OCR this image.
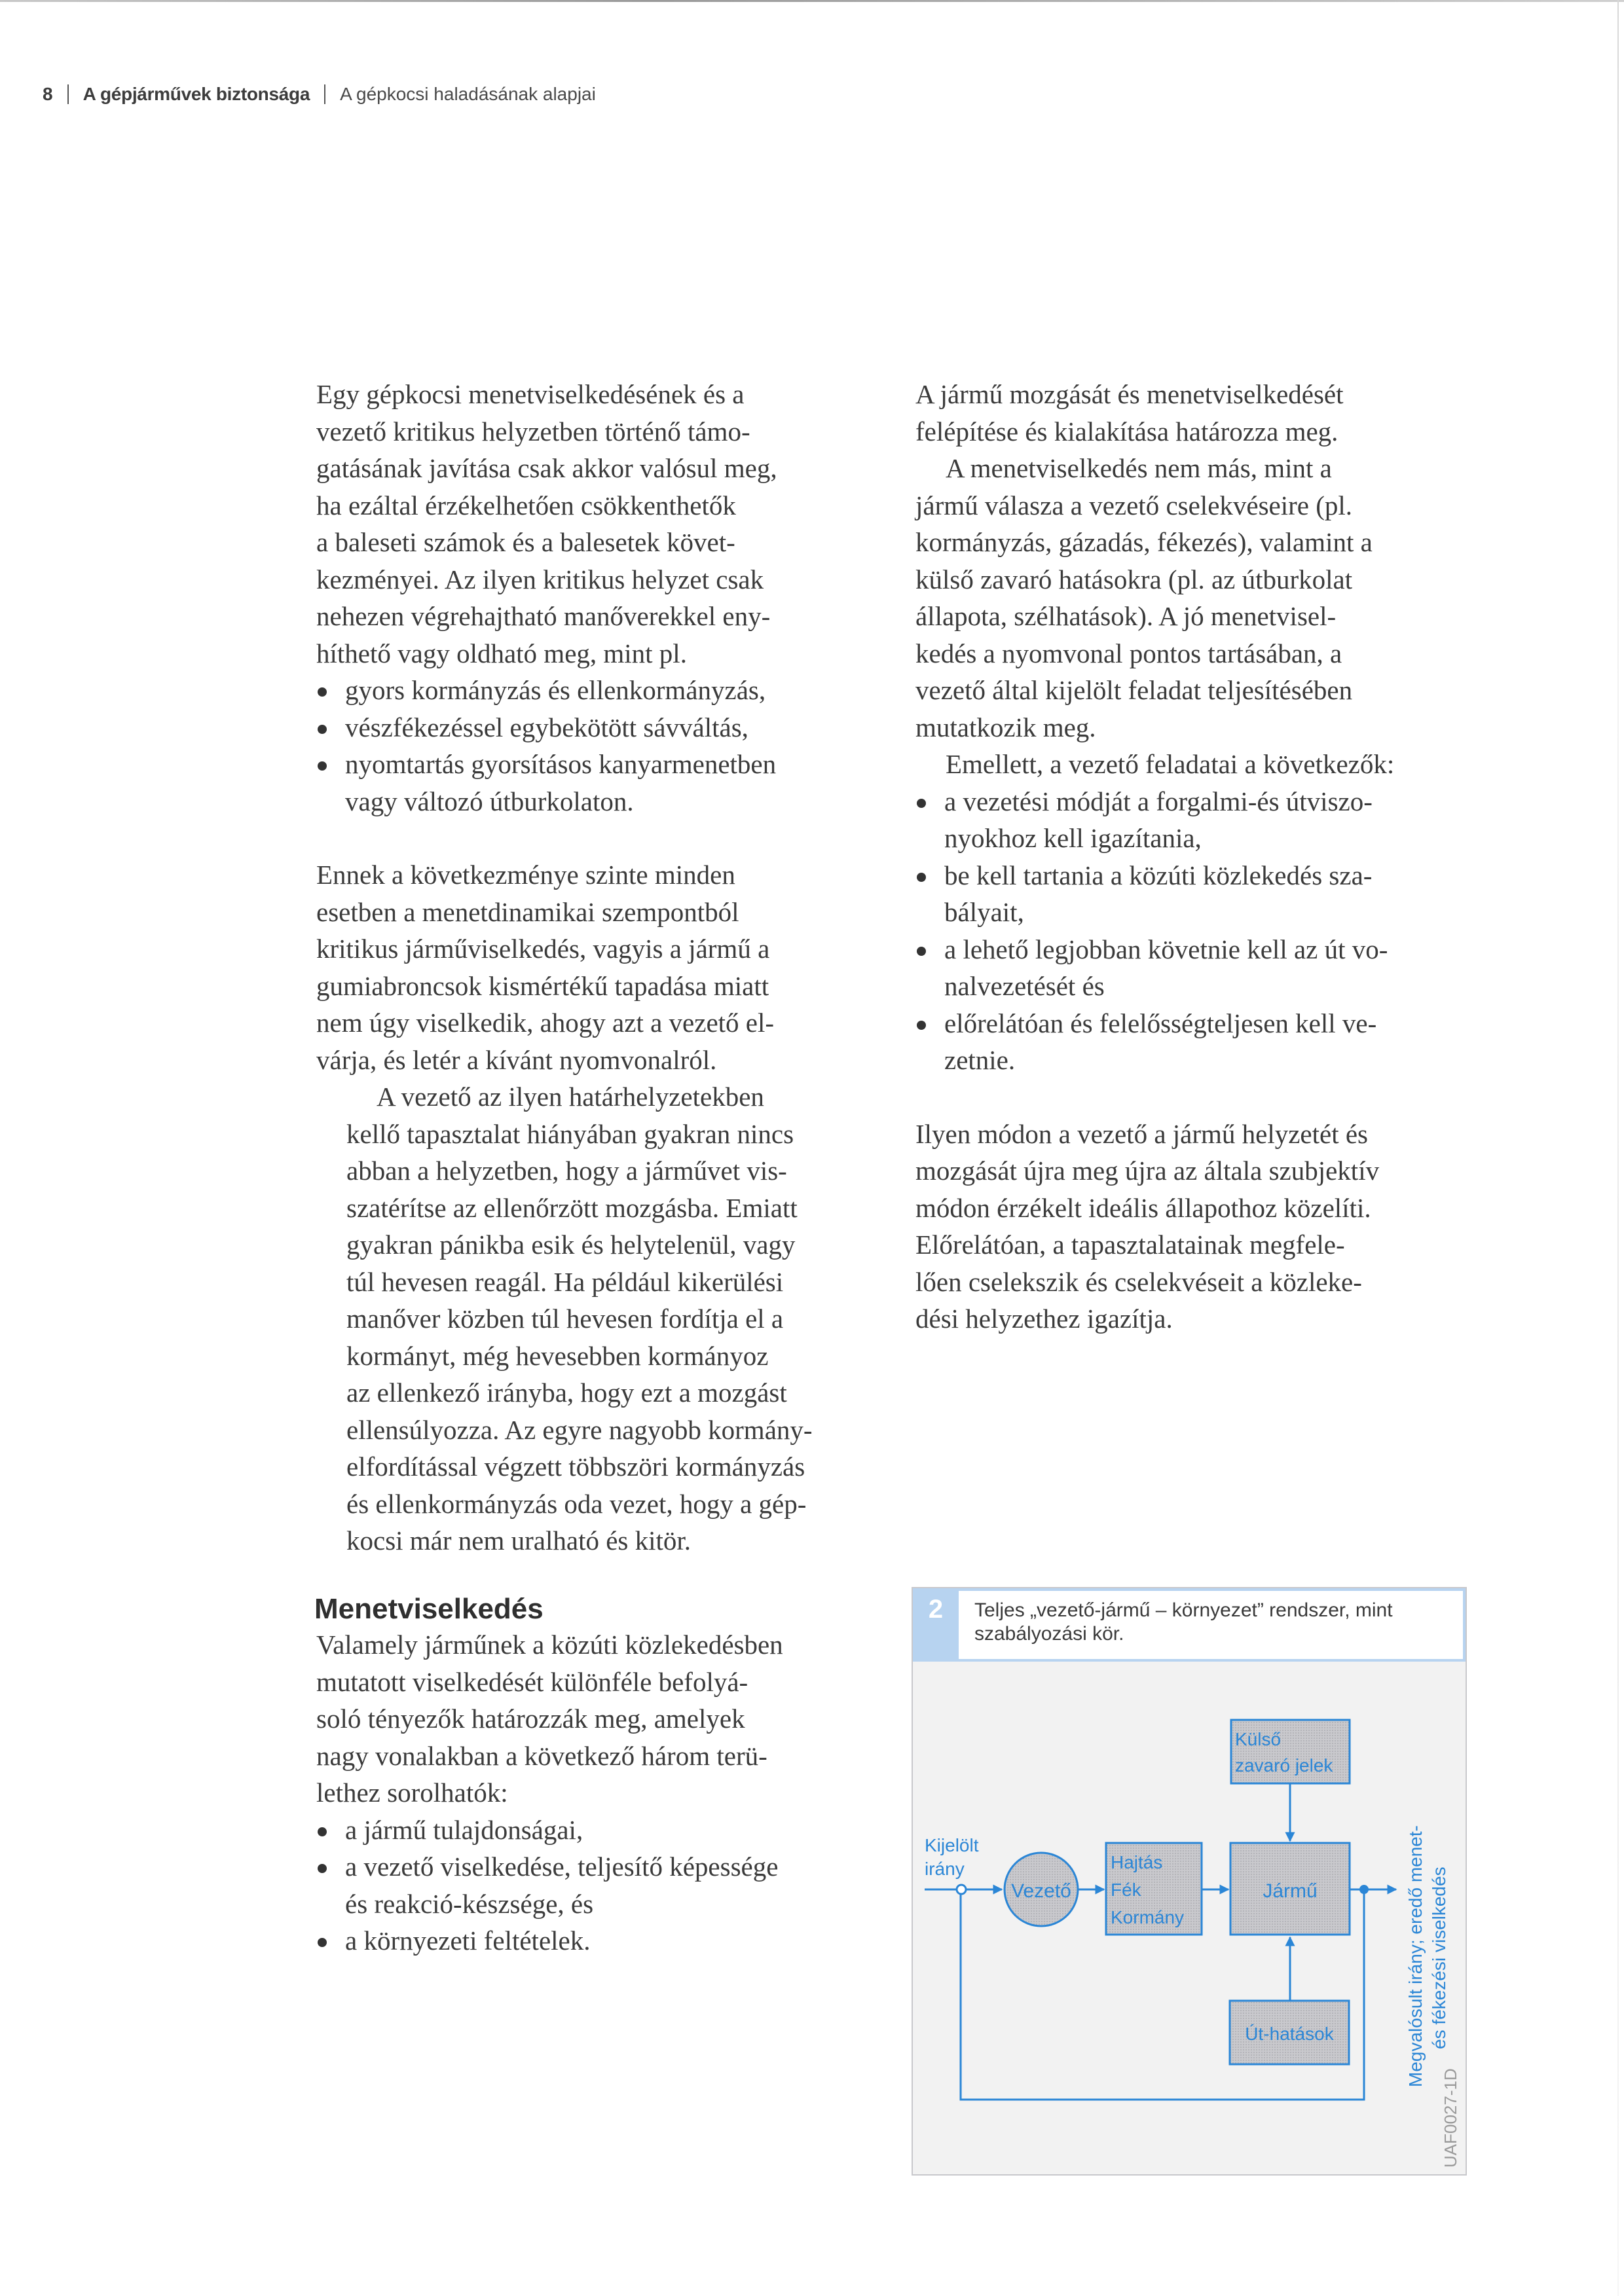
8 A gépjárművek biztonsága A gépkocsi haladásának alapjai

Egy gépkocsi menetviselkedésének és a
vezető kritikus helyzetben történő támo-
gatásának javítása csak akkor valósul meg,
ha ezáltal érzékelhetően csökkenthetők
a baleseti számok és a balesetek követ-
kezményei. Az ilyen kritikus helyzet csak
nehezen végrehajtható manőverekkel eny-
híthető vagy oldható meg, mint pl.

gyors kormányzás és ellenkormányzás,
vészfékezéssel egybekötött sávváltás,
nyomtartás gyorsításos kanyarmenetben
vagy változó útburkolaton.

Ennek a következménye szinte minden
esetben a menetdinamikai szempontból
kritikus járműviselkedés, vagyis a jármű a
gumiabroncsok kismértékű tapadása miatt
nem úgy viselkedik, ahogy azt a vezető el-
várja, és letér a kívánt nyomvonalról.

A vezető az ilyen határhelyzetekben
kellő tapasztalat hiányában gyakran nincs
abban a helyzetben, hogy a járművet vis-
szatérítse az ellenőrzött mozgásba. Emiatt
gyakran pánikba esik és helytelenül, vagy
túl hevesen reagál. Ha például kikerülési
manőver közben túl hevesen fordítja el a
kormányt, még hevesebben kormányoz
az ellenkező irányba, hogy ezt a mozgást
ellensúlyozza. Az egyre nagyobb kormány-
elfordítással végzett többszöri kormányzás
és ellenkormányzás oda vezet, hogy a gép-
kocsi már nem uralható és kitör.

Menetviselkedés

Valamely járműnek a közúti közlekedésben
mutatott viselkedését különféle befolyá-
soló tényezők határozzák meg, amelyek
nagy vonalakban a következő három terü-
lethez sorolhatók:

a jármű tulajdonságai,
a vezető viselkedése, teljesítő képessége
és reakció-készsége, és
a környezeti feltételek.

A jármű mozgását és menetviselkedését
felépítése és kialakítása határozza meg.

A menetviselkedés nem más, mint a
jármű válasza a vezető cselekvéseire (pl.
kormányzás, gázadás, fékezés), valamint a
külső zavaró hatásokra (pl. az útburkolat
állapota, szélhatások). A jó menetvisel-
kedés a nyomvonal pontos tartásában, a
vezető által kijelölt feladat teljesítésében
mutatkozik meg.

Emellett, a vezető feladatai a következők:

a vezetési módját a forgalmi-és útviszo-
nyokhoz kell igazítania,
be kell tartania a közúti közlekedés sza-
bályait,
a lehető legjobban követnie kell az út vo-
nalvezetését és
előrelátóan és felelősségteljesen kell ve-
zetnie.

Ilyen módon a vezető a jármű helyzetét és
mozgását újra meg újra az általa szubjektív
módon érzékelt ideális állapothoz közelíti.
Előrelátóan, a tapasztalatainak megfele-
lően cselekszik és cselekvéseit a közleke-
dési helyzethez igazítja.

2	Teljes „vezető-jármű – környezet” rendszer, mint
szabályozási kör.
Vezető
Hajtás
Fék
Kormány
Jármű
Külső
zavaró jelek
Út-hatások
Kijelölt
irány	Megvalósult irány; eredő menet- és fékezési viselkedés
UAF0027-1D
